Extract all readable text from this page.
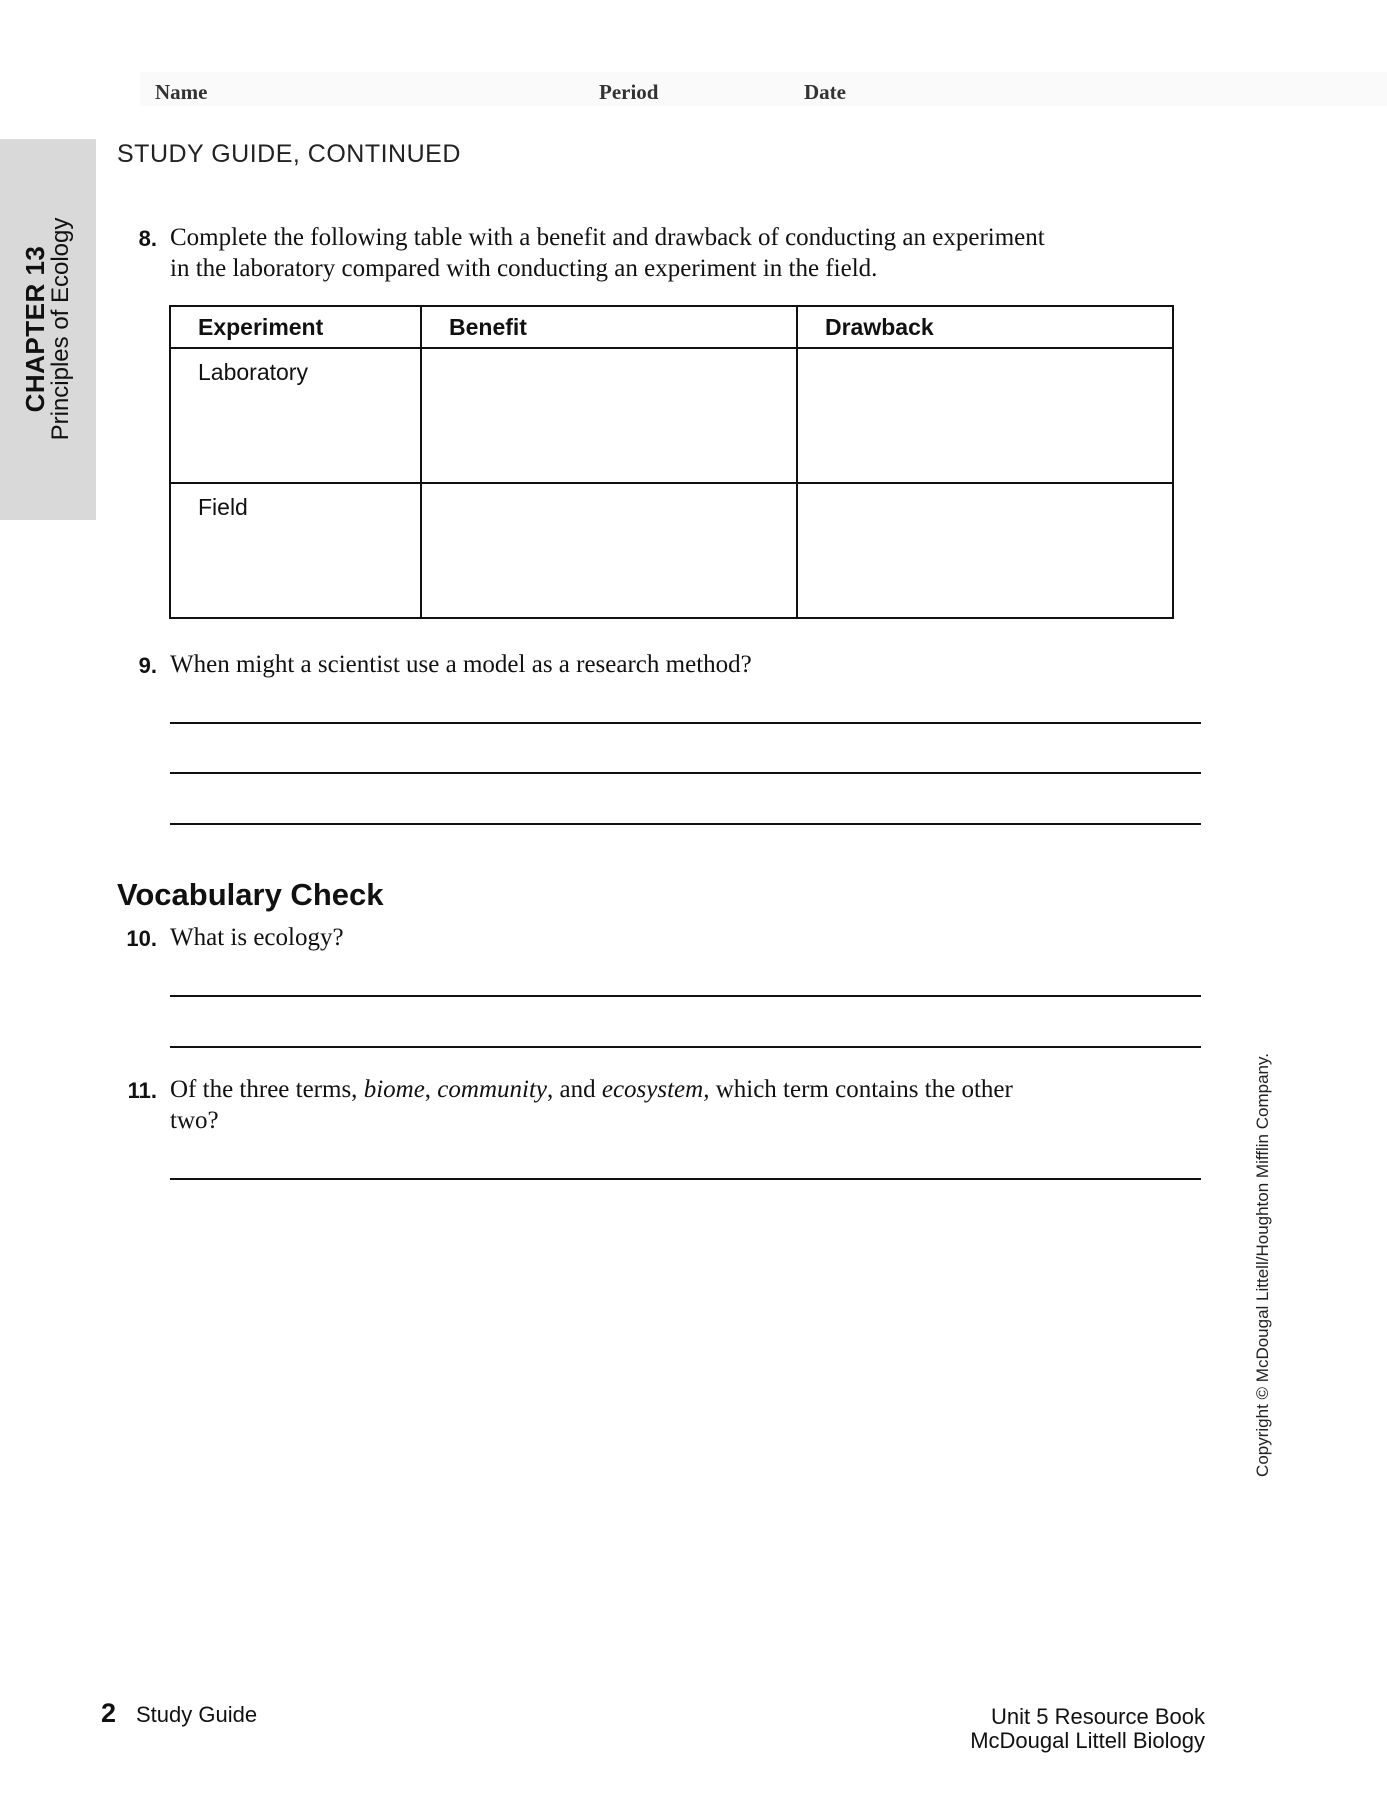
Name	Period	Date
CHAPTER 13
Principles of Ecology
STUDY GUIDE, CONTINUED
8. Complete the following table with a benefit and drawback of conducting an experiment
in the laboratory compared with conducting an experiment in the field.
Experiment	Benefit	Drawback
Laboratory		
Field		
9. When might a scientist use a model as a research method?
Vocabulary Check
10. What is ecology?
11. Of the three terms, biome, community, and ecosystem, which term contains the other
two?	Copyright © McDougal Littell/Houghton Mifflin Company.
2 Study Guide	Unit 5 Resource Book
McDougal Littell Biology
